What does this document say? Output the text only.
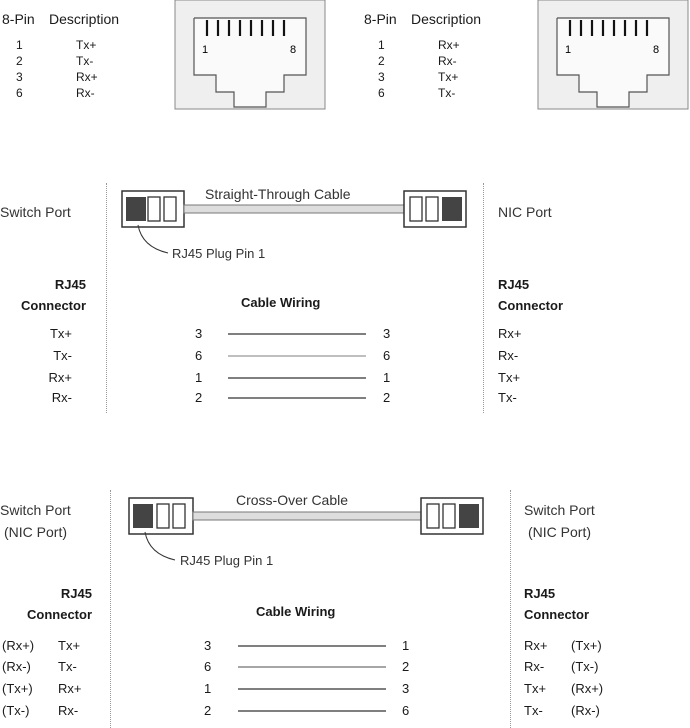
8-Pin Description
1	Tx+
2	Tx-
3	Rx+
6	Rx-
1	8
8-Pin Description
1	Rx+
2	Rx-
3	Tx+
6	Tx-
1	8
Switch Port	NIC Port
Straight-Through Cable
RJ45 Plug Pin 1
RJ45
Connector
RJ45
Connector
Cable Wiring
Tx+	3	3	Rx+
Tx-	6	6	Rx-
Rx+	1	1	Tx+
Rx-	2	2	Tx-
Switch Port
(NIC Port)
Switch Port
(NIC Port)
Cross-Over Cable
RJ45 Plug Pin 1
RJ45
Connector
RJ45
Connector
Cable Wiring
(Rx+) Tx+	3	1	Rx+ (Tx+)
(Rx-) Tx-	6	2	Rx- (Tx-)
(Tx+) Rx+	1	3	Tx+ (Rx+)
(Tx-) Rx-	2	6	Tx- (Rx-)
